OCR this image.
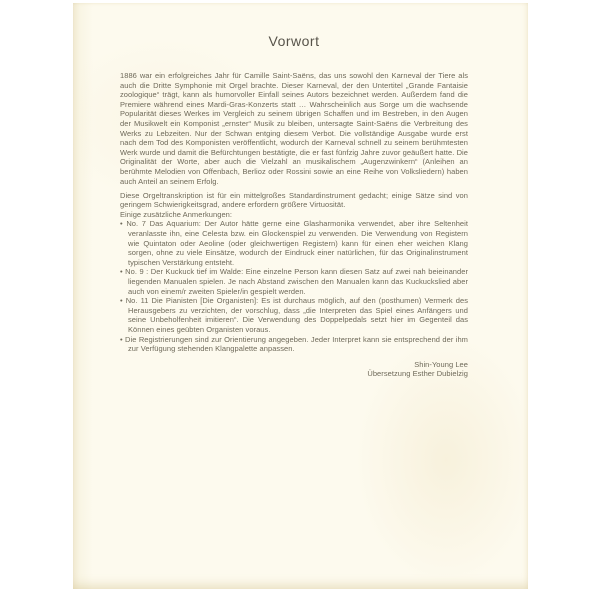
Vorwort

1886 war ein erfolgreiches Jahr für Camille Saint-Saëns, das uns sowohl den Karneval der Tiere als auch die Dritte Symphonie mit Orgel brachte. Dieser Karneval, der den Untertitel „Grande Fantaisie zoologique“ trägt, kann als humorvoller Einfall seines Autors bezeichnet werden. Außerdem fand die Premiere während eines Mardi-Gras-Konzerts statt … Wahrscheinlich aus Sorge um die wachsende Popularität dieses Werkes im Vergleich zu seinem übrigen Schaffen und im Bestreben, in den Augen der Musikwelt ein Komponist „ernster“ Musik zu bleiben, untersagte Saint-Saëns die Verbreitung des Werks zu Lebzeiten. Nur der Schwan entging diesem Verbot. Die vollständige Ausgabe wurde erst nach dem Tod des Komponisten veröffentlicht, wodurch der Karneval schnell zu seinem berühmtesten Werk wurde und damit die Befürchtungen bestätigte, die er fast fünfzig Jahre zuvor geäußert hatte. Die Originalität der Worte, aber auch die Vielzahl an musikalischem „Augenzwinkern“ (Anleihen an berühmte Melodien von Offenbach, Berlioz oder Rossini sowie an eine Reihe von Volksliedern) haben auch Anteil an seinem Erfolg.

Diese Orgeltranskription ist für ein mittelgroßes Standardinstrument gedacht; einige Sätze sind von geringem Schwierigkeitsgrad, andere erfordern größere Virtuosität.

Einige zusätzliche Anmerkungen:
• No. 7 Das Aquarium: Der Autor hätte gerne eine Glasharmonika verwendet, aber ihre Seltenheit veranlasste ihn, eine Celesta bzw. ein Glockenspiel zu verwenden. Die Verwendung von Registern wie Quintaton oder Aeoline (oder gleichwertigen Registern) kann für einen eher weichen Klang sorgen, ohne zu viele Einsätze, wodurch der Eindruck einer natürlichen, für das Originalinstrument typischen Verstärkung entsteht.
• No. 9 : Der Kuckuck tief im Walde: Eine einzelne Person kann diesen Satz auf zwei nah beieinander liegenden Manualen spielen. Je nach Abstand zwischen den Manualen kann das Kuckuckslied aber auch von einem/r zweiten Spieler/in gespielt werden.
• No. 11 Die Pianisten [Die Organisten]: Es ist durchaus möglich, auf den (posthumen) Vermerk des Herausgebers zu verzichten, der vorschlug, dass „die Interpreten das Spiel eines Anfängers und seine Unbeholfenheit imitieren“. Die Verwendung des Doppelpedals setzt hier im Gegenteil das Können eines geübten Organisten voraus.
• Die Registrierungen sind zur Orientierung angegeben. Jeder Interpret kann sie entsprechend der ihm zur Verfügung stehenden Klangpalette anpassen.
Shin-Young Lee
Übersetzung Esther Dubielzig
